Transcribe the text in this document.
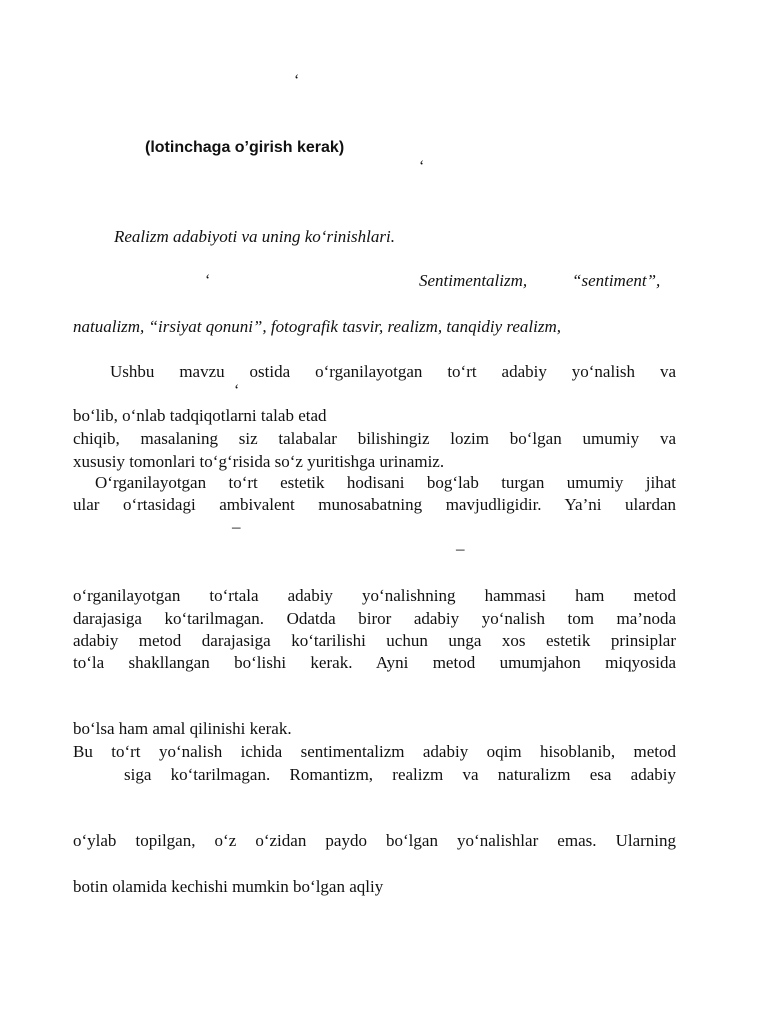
‘
(lotinchaga o’girish kerak)
‘
Realizm adabiyoti va uning ko‘rinishlari.
‘	Sentimentalizm,	“sentiment”,
natualizm, “irsiyat qonuni”, fotografik tasvir, realizm, tanqidiy realizm,
Ushbu mavzu ostida o‘rganilayotgan to‘rt adabiy yo‘nalish va
‘
bo‘lib, o‘nlab tadqiqotlarni talab etad
chiqib, masalaning siz talabalar bilishingiz lozim bo‘lgan umumiy va
xususiy tomonlari to‘g‘risida so‘z yuritishga urinamiz.
O‘rganilayotgan to‘rt estetik hodisani bog‘lab turgan umumiy jihat
ular o‘rtasidagi ambivalent munosabatning mavjudligidir. Ya’ni ulardan
–
–
o‘rganilayotgan to‘rtala adabiy yo‘nalishning hammasi ham metod
darajasiga ko‘tarilmagan. Odatda biror adabiy yo‘nalish tom ma’noda
adabiy metod darajasiga ko‘tarilishi uchun unga xos estetik prinsiplar
to‘la shakllangan bo‘lishi kerak. Ayni metod umumjahon miqyosida
bo‘lsa ham amal qilinishi kerak.
Bu to‘rt yo‘nalish ichida sentimentalizm adabiy oqim hisoblanib, metod
siga ko‘tarilmagan. Romantizm, realizm va naturalizm esa adabiy
o‘ylab topilgan, o‘z o‘zidan paydo bo‘lgan yo‘nalishlar emas. Ularning
botin olamida kechishi mumkin bo‘lgan aqliy
